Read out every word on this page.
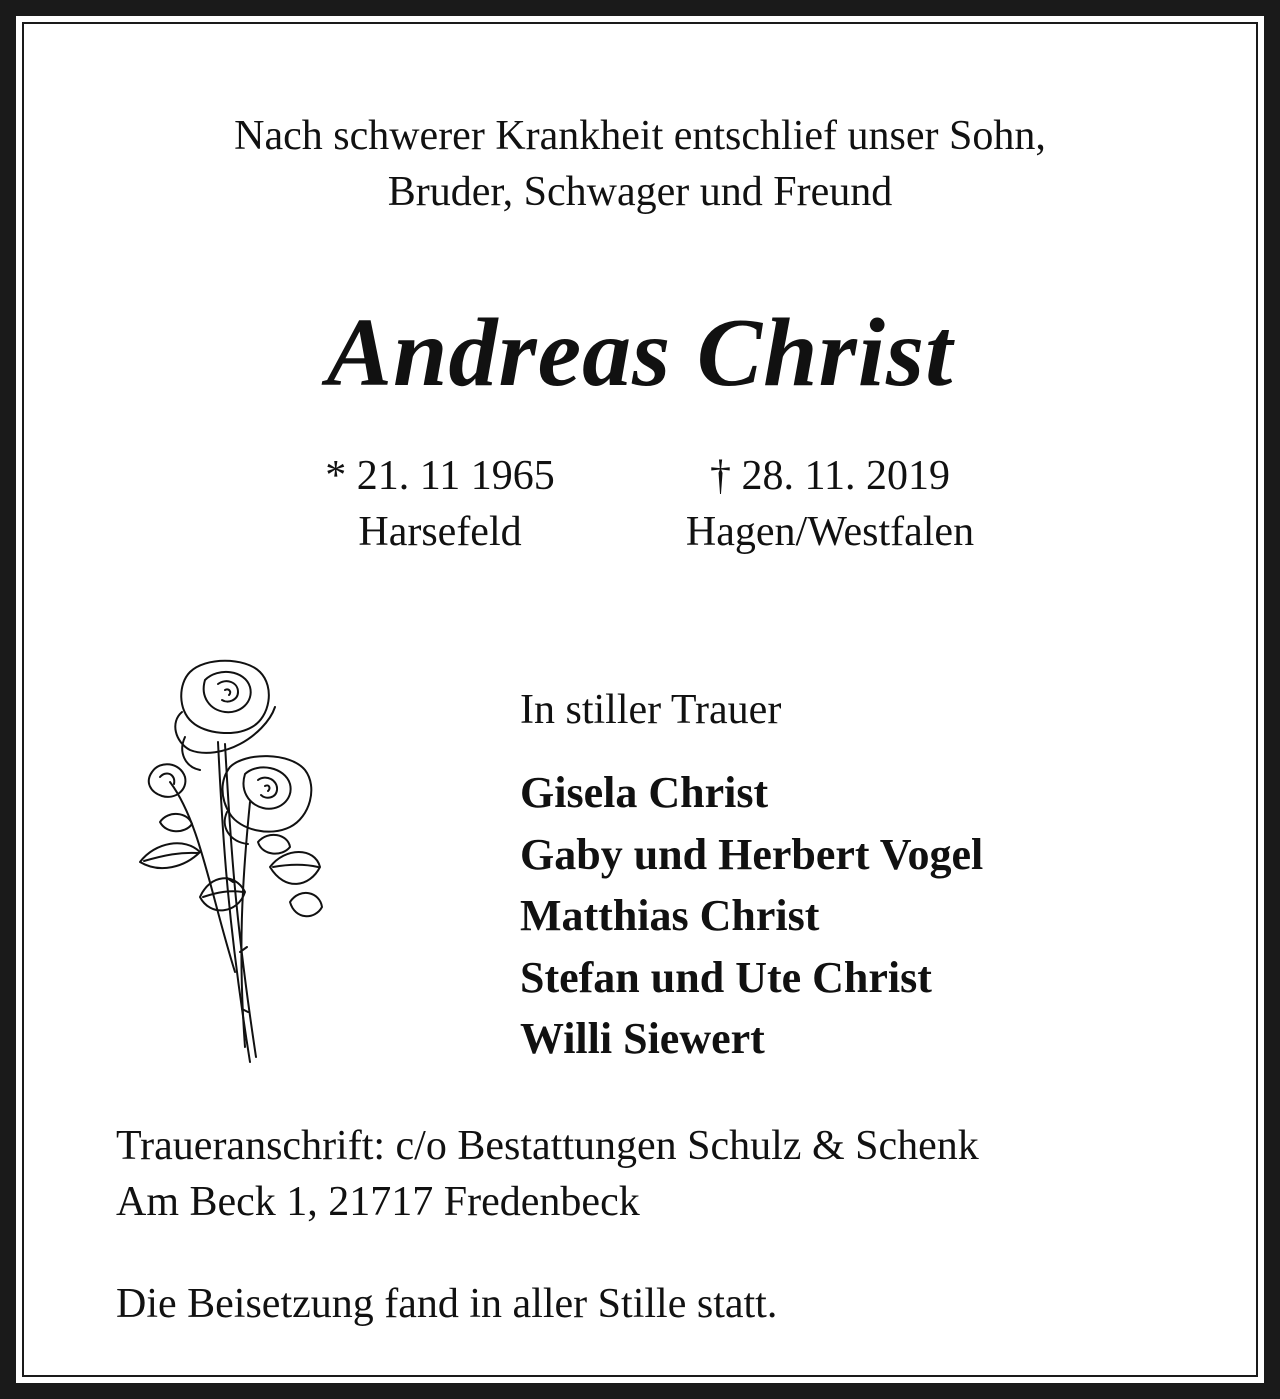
Nach schwerer Krankheit entschlief unser Sohn,
Bruder, Schwager und Freund
Andreas Christ
* 21. 11 1965
Harsefeld
† 28. 11. 2019
Hagen/Westfalen
In stiller Trauer
Gisela Christ
Gaby und Herbert Vogel
Matthias Christ
Stefan und Ute Christ
Willi Siewert
Traueranschrift: c/o Bestattungen Schulz & Schenk
Am Beck 1, 21717 Fredenbeck
Die Beisetzung fand in aller Stille statt.
